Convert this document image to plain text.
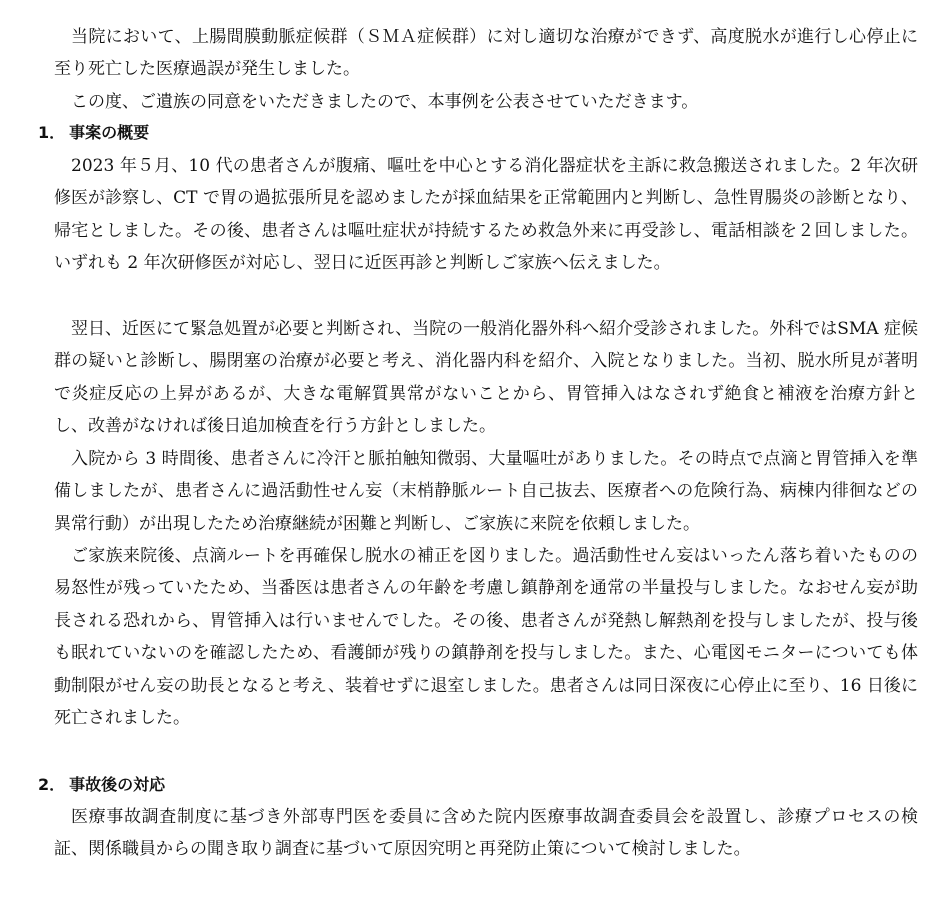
当院において、上腸間膜動脈症候群（ＳＭＡ症候群）に対し適切な治療ができず、高度脱水が進行し心停止に至り死亡した医療過誤が発生しました。

この度、ご遺族の同意をいただきましたので、本事例を公表させていただきます。

1． 事案の概要

2023 年５月、10 代の患者さんが腹痛、嘔吐を中心とする消化器症状を主訴に救急搬送されました。2 年次研修医が診察し、CT で胃の過拡張所見を認めましたが採血結果を正常範囲内と判断し、急性胃腸炎の診断となり、帰宅としました。その後、患者さんは嘔吐症状が持続するため救急外来に再受診し、電話相談を２回しました。いずれも 2 年次研修医が対応し、翌日に近医再診と判断しご家族へ伝えました。

翌日、近医にて緊急処置が必要と判断され、当院の一般消化器外科へ紹介受診されました。外科ではSMA 症候群の疑いと診断し、腸閉塞の治療が必要と考え、消化器内科を紹介、入院となりました。当初、脱水所見が著明で炎症反応の上昇があるが、大きな電解質異常がないことから、胃管挿入はなされず絶食と補液を治療方針とし、改善がなければ後日追加検査を行う方針としました。

入院から 3 時間後、患者さんに冷汗と脈拍触知微弱、大量嘔吐がありました。その時点で点滴と胃管挿入を準備しましたが、患者さんに過活動性せん妄（末梢静脈ルート自己抜去、医療者への危険行為、病棟内徘徊などの異常行動）が出現したため治療継続が困難と判断し、ご家族に来院を依頼しました。

ご家族来院後、点滴ルートを再確保し脱水の補正を図りました。過活動性せん妄はいったん落ち着いたものの易怒性が残っていたため、当番医は患者さんの年齢を考慮し鎮静剤を通常の半量投与しました。なおせん妄が助長される恐れから、胃管挿入は行いませんでした。その後、患者さんが発熱し解熱剤を投与しましたが、投与後も眠れていないのを確認したため、看護師が残りの鎮静剤を投与しました。また、心電図モニターについても体動制限がせん妄の助長となると考え、装着せずに退室しました。患者さんは同日深夜に心停止に至り、16 日後に死亡されました。

2． 事故後の対応

医療事故調査制度に基づき外部専門医を委員に含めた院内医療事故調査委員会を設置し、診療プロセスの検証、関係職員からの聞き取り調査に基づいて原因究明と再発防止策について検討しました。
